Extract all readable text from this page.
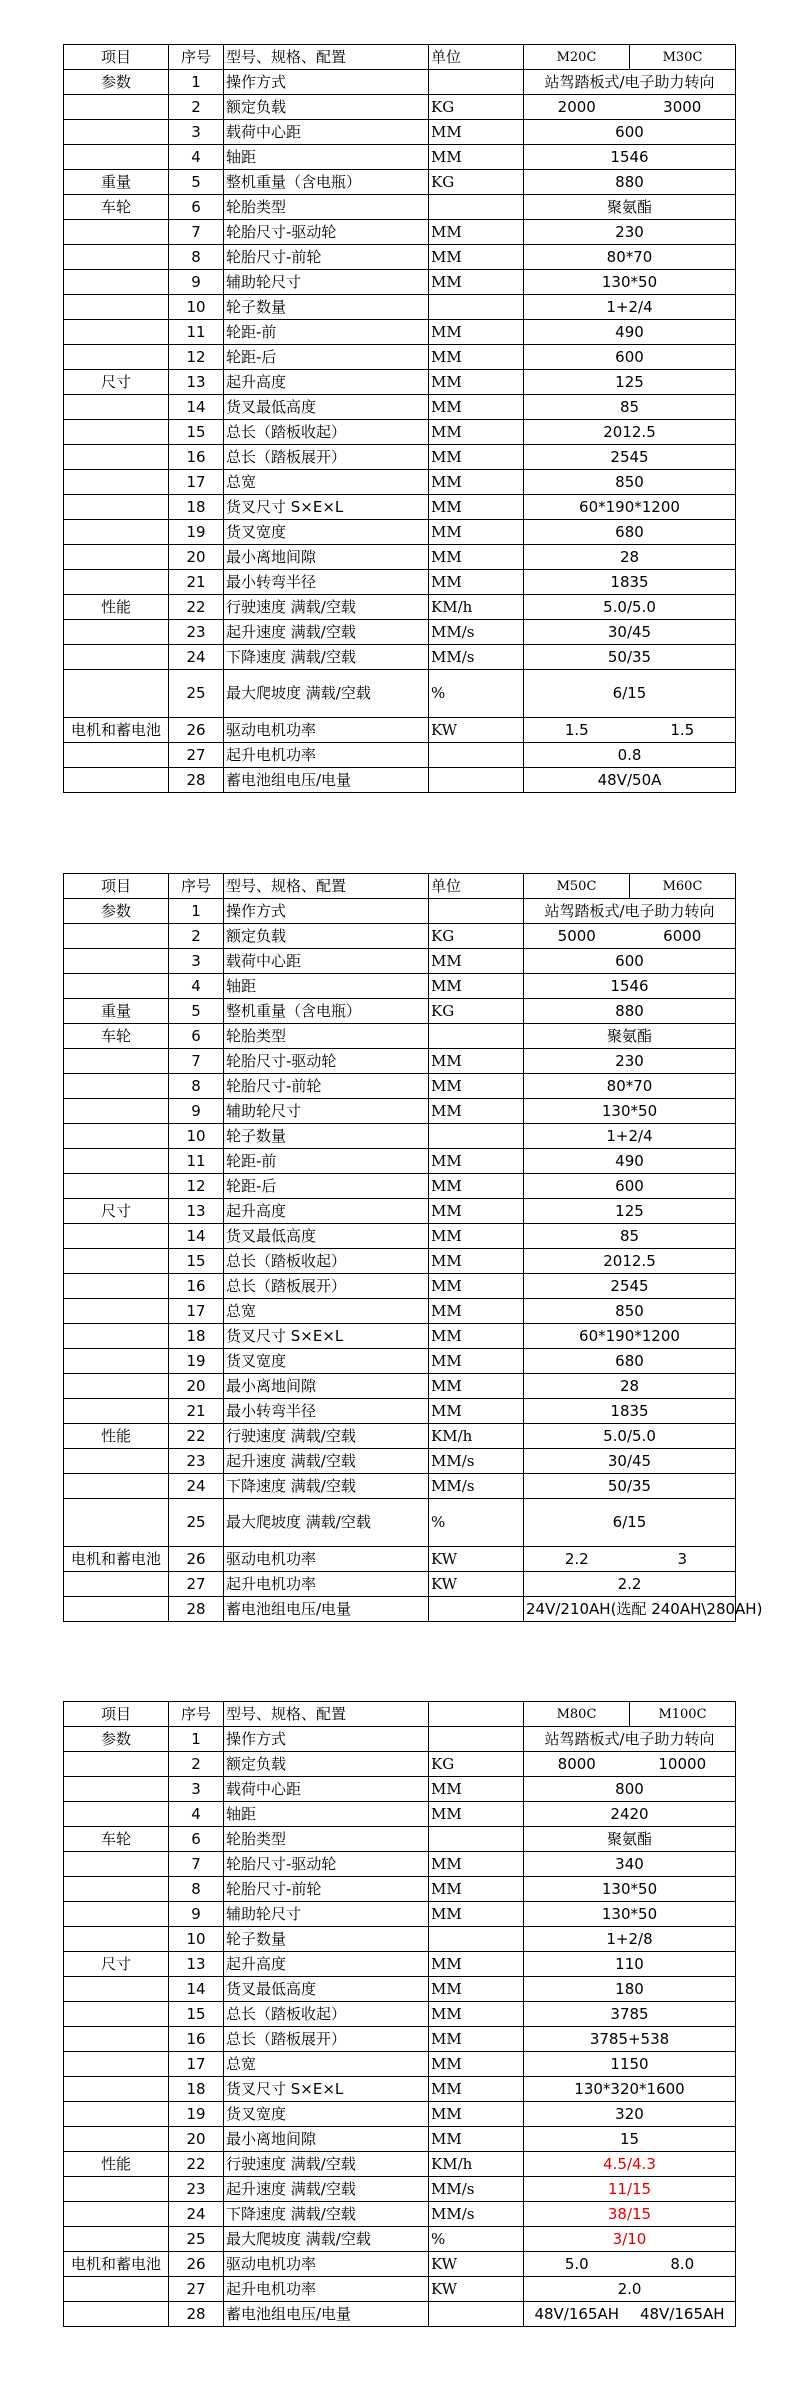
项目	序号	型号、规格、配置	单位	M20C	M30C
参数	1	操作方式		站驾踏板式/电子助力转向	
	2	额定负载	KG	2000	3000
	3	载荷中心距	MM	600	
	4	轴距	MM	1546	
重量	5	整机重量（含电瓶）	KG	880	
车轮	6	轮胎类型		聚氨酯	
	7	轮胎尺寸-驱动轮	MM	230	
	8	轮胎尺寸-前轮	MM	80*70	
	9	辅助轮尺寸	MM	130*50	
	10	轮子数量		1+2/4	
	11	轮距-前	MM	490	
	12	轮距-后	MM	600	
尺寸	13	起升高度	MM	125	
	14	货叉最低高度	MM	85	
	15	总长（踏板收起）	MM	2012.5	
	16	总长（踏板展开）	MM	2545	
	17	总宽	MM	850	
	18	货叉尺寸 S×E×L	MM	60*190*1200	
	19	货叉宽度	MM	680	
	20	最小离地间隙	MM	28	
	21	最小转弯半径	MM	1835	
性能	22	行驶速度 满载/空载	KM/h	5.0/5.0	
	23	起升速度 满载/空载	MM/s	30/45	
	24	下降速度 满载/空载	MM/s	50/35	
	25	最大爬坡度 满载/空载	%	6/15	
电机和蓄电池	26	驱动电机功率	KW	1.5	1.5
	27	起升电机功率		0.8	
	28	蓄电池组电压/电量		48V/50A	
项目	序号	型号、规格、配置	单位	M50C	M60C
参数	1	操作方式		站驾踏板式/电子助力转向	
	2	额定负载	KG	5000	6000
	3	载荷中心距	MM	600	
	4	轴距	MM	1546	
重量	5	整机重量（含电瓶）	KG	880	
车轮	6	轮胎类型		聚氨酯	
	7	轮胎尺寸-驱动轮	MM	230	
	8	轮胎尺寸-前轮	MM	80*70	
	9	辅助轮尺寸	MM	130*50	
	10	轮子数量		1+2/4	
	11	轮距-前	MM	490	
	12	轮距-后	MM	600	
尺寸	13	起升高度	MM	125	
	14	货叉最低高度	MM	85	
	15	总长（踏板收起）	MM	2012.5	
	16	总长（踏板展开）	MM	2545	
	17	总宽	MM	850	
	18	货叉尺寸 S×E×L	MM	60*190*1200	
	19	货叉宽度	MM	680	
	20	最小离地间隙	MM	28	
	21	最小转弯半径	MM	1835	
性能	22	行驶速度 满载/空载	KM/h	5.0/5.0	
	23	起升速度 满载/空载	MM/s	30/45	
	24	下降速度 满载/空载	MM/s	50/35	
	25	最大爬坡度 满载/空载	%	6/15	
电机和蓄电池	26	驱动电机功率	KW	2.2	3
	27	起升电机功率	KW	2.2	
	28	蓄电池组电压/电量		24V/210AH(选配 240AH\280AH)	
项目	序号	型号、规格、配置		M80C	M100C
参数	1	操作方式		站驾踏板式/电子助力转向	
	2	额定负载	KG	8000	10000
	3	载荷中心距	MM	800	
	4	轴距	MM	2420	
车轮	6	轮胎类型		聚氨酯	
	7	轮胎尺寸-驱动轮	MM	340	
	8	轮胎尺寸-前轮	MM	130*50	
	9	辅助轮尺寸	MM	130*50	
	10	轮子数量		1+2/8	
尺寸	13	起升高度	MM	110	
	14	货叉最低高度	MM	180	
	15	总长（踏板收起）	MM	3785	
	16	总长（踏板展开）	MM	3785+538	
	17	总宽	MM	1150	
	18	货叉尺寸 S×E×L	MM	130*320*1600	
	19	货叉宽度	MM	320	
	20	最小离地间隙	MM	15	
性能	22	行驶速度 满载/空载	KM/h	4.5/4.3	
	23	起升速度 满载/空载	MM/s	11/15	
	24	下降速度 满载/空载	MM/s	38/15	
	25	最大爬坡度 满载/空载	%	3/10	
电机和蓄电池	26	驱动电机功率	KW	5.0	8.0
	27	起升电机功率	KW	2.0	
	28	蓄电池组电压/电量		48V/165AH	48V/165AH
